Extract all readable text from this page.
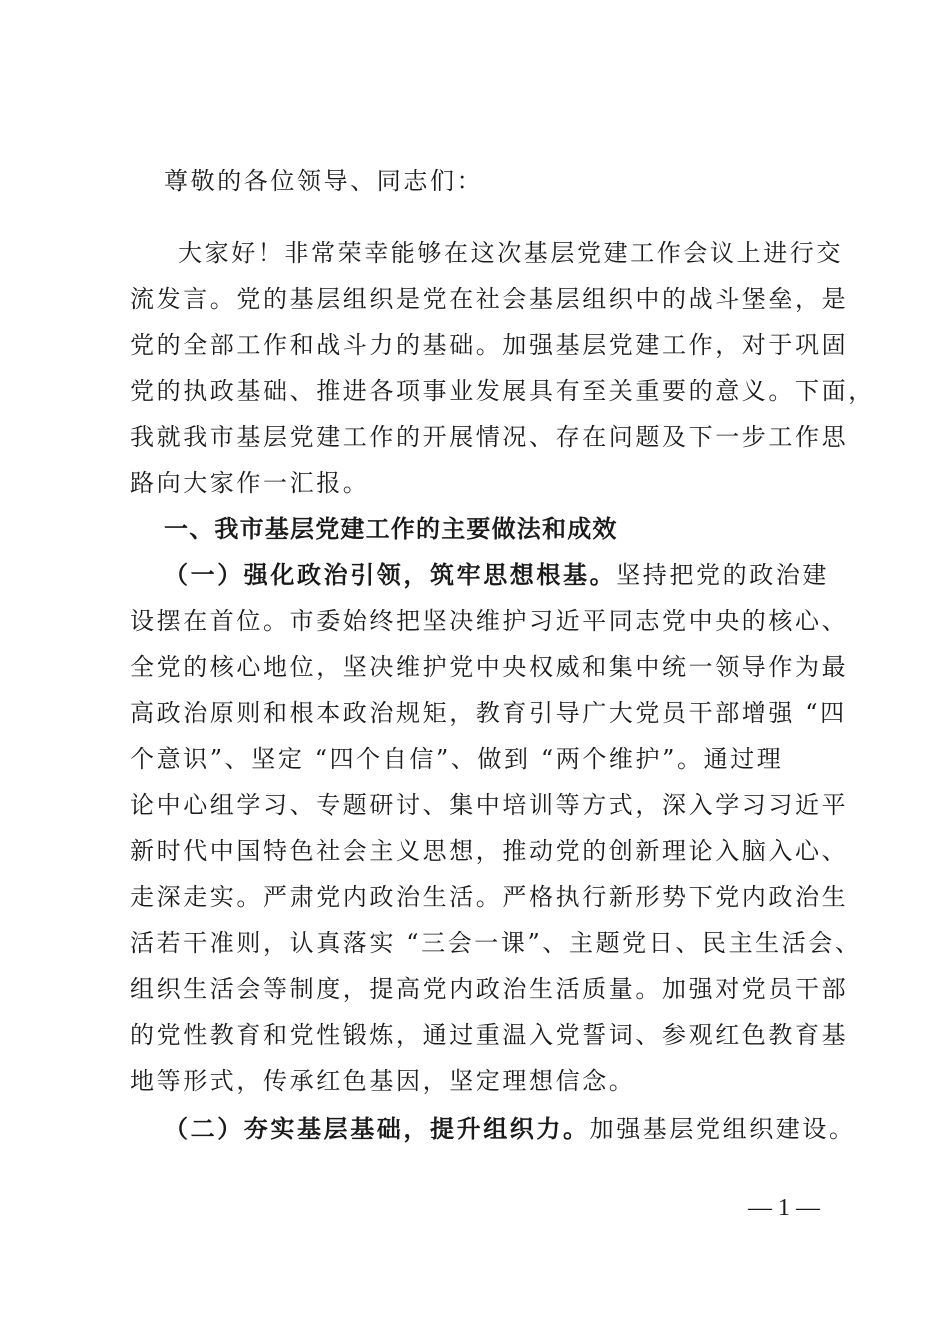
尊敬的各位领导、同志们：
大家好！非常荣幸能够在这次基层党建工作会议上进行交
流发言。党的基层组织是党在社会基层组织中的战斗堡垒，是
党的全部工作和战斗力的基础。加强基层党建工作，对于巩固
党的执政基础、推进各项事业发展具有至关重要的意义。下面，
我就我市基层党建工作的开展情况、存在问题及下一步工作思
路向大家作一汇报。
一、我市基层党建工作的主要做法和成效
（一）强化政治引领，筑牢思想根基。坚持把党的政治建
设摆在首位。市委始终把坚决维护习近平同志党中央的核心、
全党的核心地位，坚决维护党中央权威和集中统一领导作为最
高政治原则和根本政治规矩，教育引导广大党员干部增强 “四
个意识”、坚定 “四个自信”、做到 “两个维护”。通过理
论中心组学习、专题研讨、集中培训等方式，深入学习习近平
新时代中国特色社会主义思想，推动党的创新理论入脑入心、
走深走实。严肃党内政治生活。严格执行新形势下党内政治生
活若干准则，认真落实 “三会一课”、主题党日、民主生活会、
组织生活会等制度，提高党内政治生活质量。加强对党员干部
的党性教育和党性锻炼，通过重温入党誓词、参观红色教育基
地等形式，传承红色基因，坚定理想信念。
（二）夯实基层基础，提升组织力。加强基层党组织建设。
— 1 —
